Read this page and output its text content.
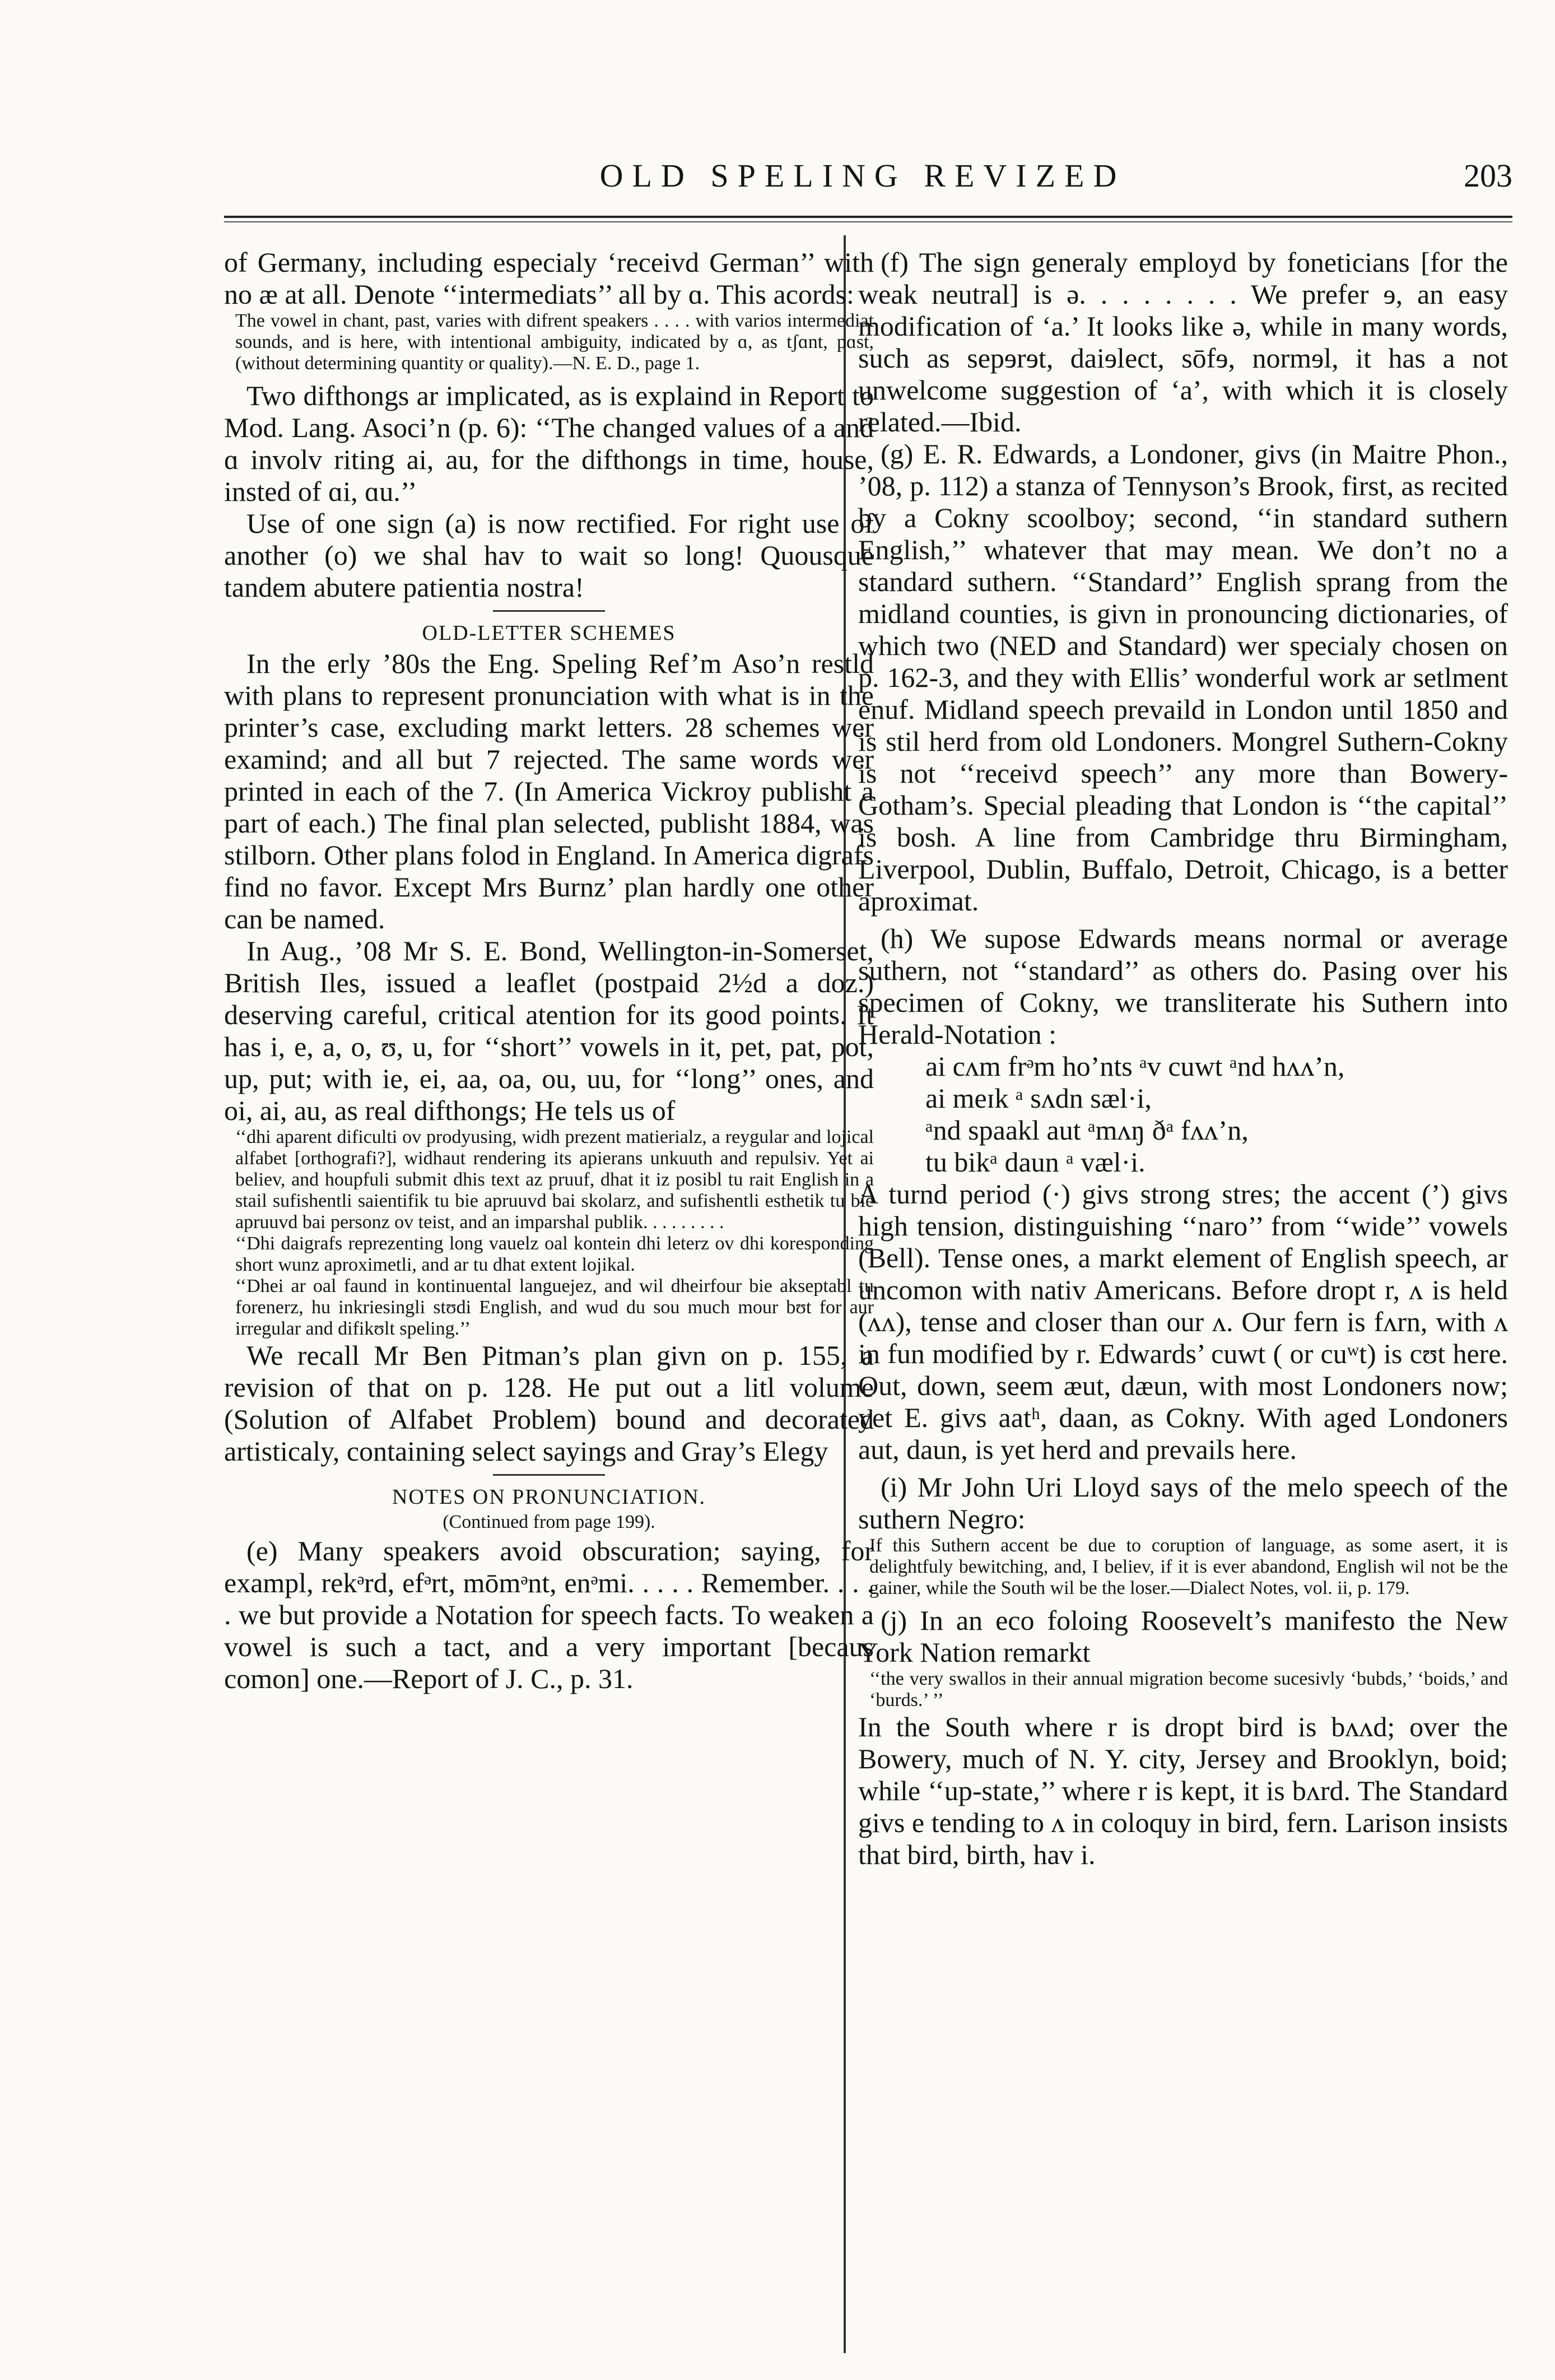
OLD SPELING REVIZED	203

of Germany, including especialy ‘receivd German’’ with no æ at all. Denote ‘‘intermediats’’ all by ɑ. This acords:

The vowel in chant, past, varies with difrent speakers . . . . with varios intermediat sounds, and is here, with intentional ambiguity, indicated by ɑ, as tʃɑnt, pɑst, (without determining quantity or quality).—N. E. D., page 1.

Two difthongs ar implicated, as is explaind in Report to Mod. Lang. Asoci’n (p. 6): ‘‘The changed values of a and ɑ involv riting ai, au, for the difthongs in time, house, insted of ɑi, ɑu.’’

Use of one sign (a) is now rectified. For right use of another (o) we shal hav to wait so long! Quousque tandem abutere patientia nostra!

OLD-LETTER SCHEMES

In the erly ’80s the Eng. Speling Ref’m Aso’n restld with plans to represent pronunciation with what is in the printer’s case, excluding markt letters. 28 schemes wer examind; and all but 7 rejected. The same words wer printed in each of the 7. (In America Vickroy publisht a part of each.) The final plan selected, publisht 1884, was stilborn. Other plans folod in England. In America digrafs find no favor. Except Mrs Burnz’ plan hardly one other can be named.

In Aug., ’08 Mr S. E. Bond, Wellington-in-Somerset, British Iles, issued a leaflet (postpaid 2½d a doz.) deserving careful, critical atention for its good points. It has i, e, a, o, ʊ, u, for ‘‘short’’ vowels in it, pet, pat, pot, up, put; with ie, ei, aa, oa, ou, uu, for ‘‘long’’ ones, and oi, ai, au, as real difthongs; He tels us of

‘‘dhi aparent dificulti ov prodyusing, widh prezent matierialz, a reygular and lojical alfabet [orthografi?], widhaut rendering its apierans unkuuth and repulsiv. Yet ai believ, and houpfuli submit dhis text az pruuf, dhat it iz posibl tu rait English in a stail sufishentli saientifik tu bie apruuvd bai skolarz, and sufishentli esthetik tu bie apruuvd bai personz ov teist, and an imparshal publik. . . . . . . . .

‘‘Dhi daigrafs reprezenting long vauelz oal kontein dhi leterz ov dhi koresponding short wunz aproximetli, and ar tu dhat extent lojikal.

‘‘Dhei ar oal faund in kontinuental languejez, and wil dheirfour bie akseptabl tu forenerz, hu inkriesingli stʊdi English, and wud du sou much mour bʊt for aur irregular and difikʊlt speling.’’

We recall Mr Ben Pitman’s plan givn on p. 155, a revision of that on p. 128. He put out a litl volume (Solution of Alfabet Problem) bound and decorated artisticaly, containing select sayings and Gray’s Elegy

NOTES ON PRONUNCIATION.

(Continued from page 199).

(e) Many speakers avoid obscuration; saying, for exampl, rekᵊrd, efᵊrt, mōmᵊnt, enᵊmi. . . . . Remember. . . . . we but provide a Notation for speech facts. To weaken a vowel is such a tact, and a very important [becaus comon] one.—Report of J. C., p. 31.

(f) The sign generaly employd by foneticians [for the weak neutral] is ə. . . . . . . . We prefer ɘ, an easy modification of ‘a.’ It looks like ə, while in many words, such as sepɘrɘt, daiɘlect, sōfɘ, normɘl, it has a not unwelcome suggestion of ‘a’, with which it is closely related.—Ibid.

(g) E. R. Edwards, a Londoner, givs (in Maitre Phon., ’08, p. 112) a stanza of Tennyson’s Brook, first, as recited by a Cokny scoolboy; second, ‘‘in standard suthern English,’’ whatever that may mean. We don’t no a standard suthern. ‘‘Standard’’ English sprang from the midland counties, is givn in pronouncing dictionaries, of which two (NED and Standard) wer specialy chosen on p. 162-3, and they with Ellis’ wonderful work ar setlment enuf. Midland speech prevaild in London until 1850 and is stil herd from old Londoners. Mongrel Suthern-Cokny is not ‘‘receivd speech’’ any more than Bowery-Gotham’s. Special pleading that London is ‘‘the capital’’ is bosh. A line from Cambridge thru Birmingham, Liverpool, Dublin, Buffalo, Detroit, Chicago, is a better aproximat.

(h) We supose Edwards means normal or average suthern, not ‘‘standard’’ as others do. Pasing over his specimen of Cokny, we transliterate his Suthern into Herald-Notation :

ai cʌm frᵊm ho’nts ᵃv cuwt ᵃnd hʌʌ’n,

ai meɪk ᵃ sʌdn sæl·i,

ᵃnd spaakl aut ᵃmʌŋ ðᵃ fʌʌ’n,

tu bikᵃ daun ᵃ væl·i.

A turnd period (·) givs strong stres; the accent (’) givs high tension, distinguishing ‘‘naro’’ from ‘‘wide’’ vowels (Bell). Tense ones, a markt element of English speech, ar uncomon with nativ Americans. Before dropt r, ʌ is held (ʌʌ), tense and closer than our ʌ. Our fern is fʌrn, with ʌ in fun modified by r. Edwards’ cuwt ( or cuʷt) is cʊt here. Out, down, seem æut, dæun, with most Londoners now; yet E. givs aatʰ, daan, as Cokny. With aged Londoners aut, daun, is yet herd and prevails here.

(i) Mr John Uri Lloyd says of the melo speech of the suthern Negro:

If this Suthern accent be due to coruption of language, as some asert, it is delightfuly bewitching, and, I believ, if it is ever abandond, English wil not be the gainer, while the South wil be the loser.—Dialect Notes, vol. ii, p. 179.

(j) In an eco foloing Roosevelt’s manifesto the New York Nation remarkt

‘‘the very swallos in their annual migration become sucesivly ‘bubds,’ ‘boids,’ and ‘burds.’ ’’

In the South where r is dropt bird is bʌʌd; over the Bowery, much of N. Y. city, Jersey and Brooklyn, boid; while ‘‘up-state,’’ where r is kept, it is bʌrd. The Standard givs e tending to ʌ in coloquy in bird, fern. Larison insists that bird, birth, hav i.
